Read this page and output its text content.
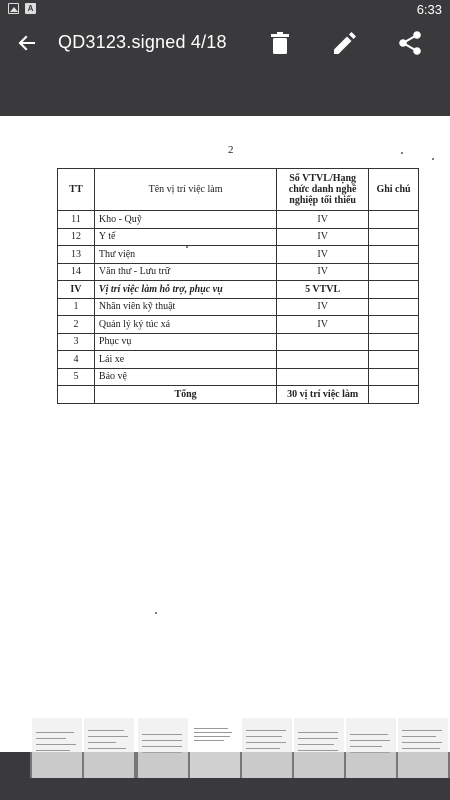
A	6:33
QD3123.signed 4/18
2
TT	Tên vị trí việc làm	Số VTVL/Hạng chức danh nghề nghiệp tối thiểu	Ghi chú
11	Kho - Quỹ	IV	
12	Y tế	IV	
13	Thư viện	IV	
14	Văn thư - Lưu trữ	IV	
IV	Vị trí việc làm hỗ trợ, phục vụ	5 VTVL	
1	Nhân viên kỹ thuật	IV	
2	Quản lý ký túc xá	IV	
3	Phục vụ		
4	Lái xe		
5	Bảo vệ		
	Tổng	30 vị trí việc làm	
